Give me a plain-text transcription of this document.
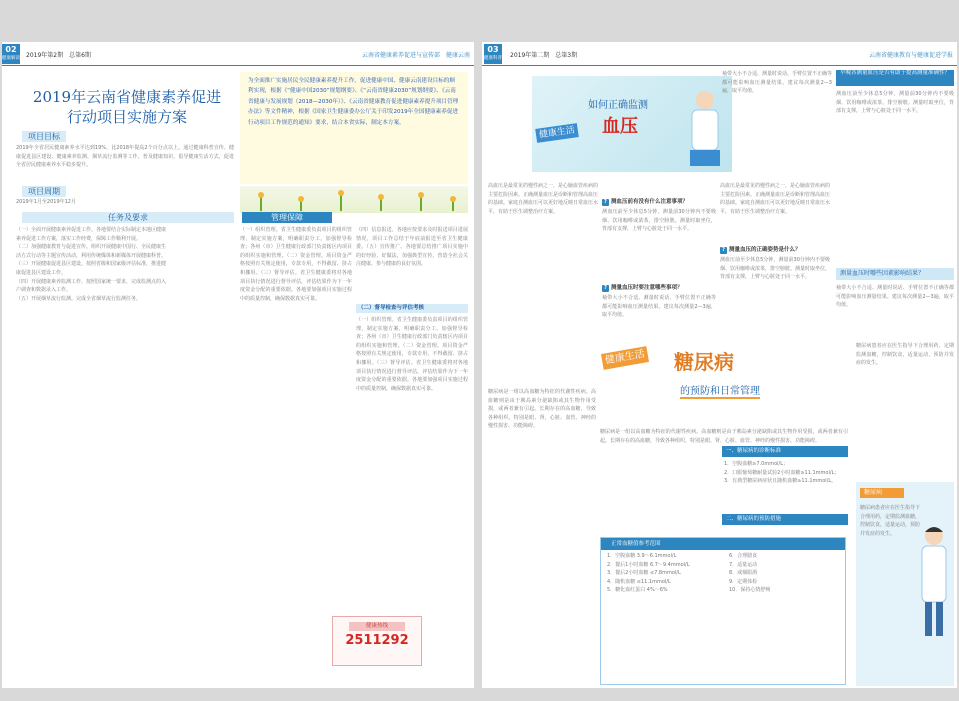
02
健康解读 2019年第2期　总第6期	云南省健康素养促进与宣传部　健康云南
2019年云南省健康素养促进
行动项目实施方案
项目目标
2019年全省居民健康素养水平达到19%，比2018年提高2个百分点以上。通过健康科普宣传、健康促进县区建设、健康素养监测、烟草流行监测等工作，普及健康知识，倡导健康生活方式，促进全省居民健康素养水平稳步提升。
项目周期
2019年1月至2019年12月
任务及要求

（一）全面开展健康素养促进工作。各地要结合实际制定本地区健康素养促进工作方案，落实工作经费，保障工作顺利开展。

（二）加强健康教育与促进宣传。组织开展健康中国行、全民健康生活方式行动等主题宣传活动，利用传统媒体和新媒体开展健康科普。

（三）开展健康促进县区建设。按照省级和国家级评估标准，推进健康促进县区建设工作。

（四）开展健康素养监测工作。按照国家统一要求，完成监测点的入户调查和数据录入工作。

（五）开展烟草流行监测。完成全省烟草流行监测任务。

为全面推广实施居民全民健康素养提升工作，促进健康中国、健康云南建设目标的顺利实现，根据《“健康中国2030”规划纲要》、《“云南省健康2030”规划纲要》、《云南省健康与发展规划（2018—2030年）》、《云南省健康教育促进健康素养提升项目管理办法》等文件精神，根据《国家卫生健康委办公厅关于印发2019年全国健康素养促进行动项目工作规范的通知》要求，结合本省实际，制定本方案。
管理保障
（一）组织管理。省卫生健康委负责项目的组织管理，制定实施方案，明确职责分工，加强督导检查；各州（市）卫生健康行政部门负责辖区内项目的组织实施和管理。（二）资金管理。项目资金严格按照有关规定使用，专款专用，不得截留、挤占和挪用。（三）督导评估。省卫生健康委将对各地项目执行情况进行督导评估，评估结果作为下一年度资金分配的重要依据。各地要加强项目实施过程中的质量控制，确保数据真实可靠。
（二）督导检查与评估考核
（四）信息报送。各地应按要求及时报送项目进展情况，项目工作总结于年底前报送至省卫生健康委。（五）宣传推广。各地要总结推广项目实施中的好经验、好做法，加强典型宣传，营造全社会关注健康、参与健康的良好氛围。
（一）组织管理。省卫生健康委负责项目的组织管理，制定实施方案，明确职责分工，加强督导检查；各州（市）卫生健康行政部门负责辖区内项目的组织实施和管理。（二）资金管理。项目资金严格按照有关规定使用，专款专用，不得截留、挤占和挪用。（三）督导评估。省卫生健康委将对各地项目执行情况进行督导评估，评估结果作为下一年度资金分配的重要依据。各地要加强项目实施过程中的质量控制，确保数据真实可靠。
健康热线
2511292
03
健康科普 2019年第二期　总第3期	云南省健康教育与健康促进学报
健康生活
如何正确监测
血压
高血压是最常见的慢性病之一，是心脑血管疾病的主要危险因素。正确测量血压是诊断和管理高血压的基础。家庭自测血压可以更好地反映日常血压水平，有助于医生调整治疗方案。
? 测血压前有没有什么注意事项？
测血压前至少休息5分钟，测量前30分钟内不要吸烟、饮用咖啡或浓茶，排空膀胱。测量时取坐位，背部有支撑，上臂与心脏处于同一水平。
? 测量血压时要注意哪些事项？
袖带大小不合适、测量时说话、手臂位置不正确等都可能影响血压测量结果。建议每次测量2—3遍，取平均值。
高血压是最常见的慢性病之一，是心脑血管疾病的主要危险因素。正确测量血压是诊断和管理高血压的基础。家庭自测血压可以更好地反映日常血压水平，有助于医生调整治疗方案。
? 测量血压的正确姿势是什么？
测血压前至少休息5分钟，测量前30分钟内不要吸烟、饮用咖啡或浓茶，排空膀胱。测量时取坐位，背部有支撑，上臂与心脏处于同一水平。
袖带大小不合适、测量时说话、手臂位置不正确等都可能影响血压测量结果。建议每次测量2—3遍，取平均值。
早晚各测量血压是否有助于提高测量准确性？
测血压前至少休息5分钟，测量前30分钟内不要吸烟、饮用咖啡或浓茶，排空膀胱。测量时取坐位，背部有支撑，上臂与心脏处于同一水平。
测量血压时哪些因素影响结果？
袖带大小不合适、测量时说话、手臂位置不正确等都可能影响血压测量结果。建议每次测量2—3遍，取平均值。
健康生活 糖尿病
的预防和日常管理
糖尿病是一组以高血糖为特征的代谢性疾病。高血糖则是由于胰岛素分泌缺陷或其生物作用受损，或两者兼有引起。长期存在的高血糖，导致各种组织，特别是眼、肾、心脏、血管、神经的慢性损害、功能障碍。
正常血糖值参考范围
1．空腹血糖 3.9～6.1mmol/L
2．餐后1小时血糖 6.7～9.4mmol/L
3．餐后2小时血糖 ≤7.8mmol/L
4．随机血糖 ≤11.1mmol/L
5．糖化血红蛋白 4%～6%
6．合理膳食
7．适量运动
8．戒烟限酒
9．定期体检
10．保持心情舒畅
糖尿病是一组以高血糖为特征的代谢性疾病。高血糖则是由于胰岛素分泌缺陷或其生物作用受损，或两者兼有引起。长期存在的高血糖，导致各种组织，特别是眼、肾、心脏、血管、神经的慢性损害、功能障碍。
糖尿病患者应在医生指导下合理用药，定期监测血糖，控制饮食，适量运动，预防并发症的发生。
一、糖尿病的诊断标准
1．空腹血糖≥7.0mmol/L；
2．口服葡萄糖耐量试验2小时血糖≥11.1mmol/L；
3．有典型糖尿病症状且随机血糖≥11.1mmol/L。
二、糖尿病的预防措施
糖尿病
糖尿病患者应在医生指导下合理用药，定期监测血糖，控制饮食，适量运动，预防并发症的发生。
